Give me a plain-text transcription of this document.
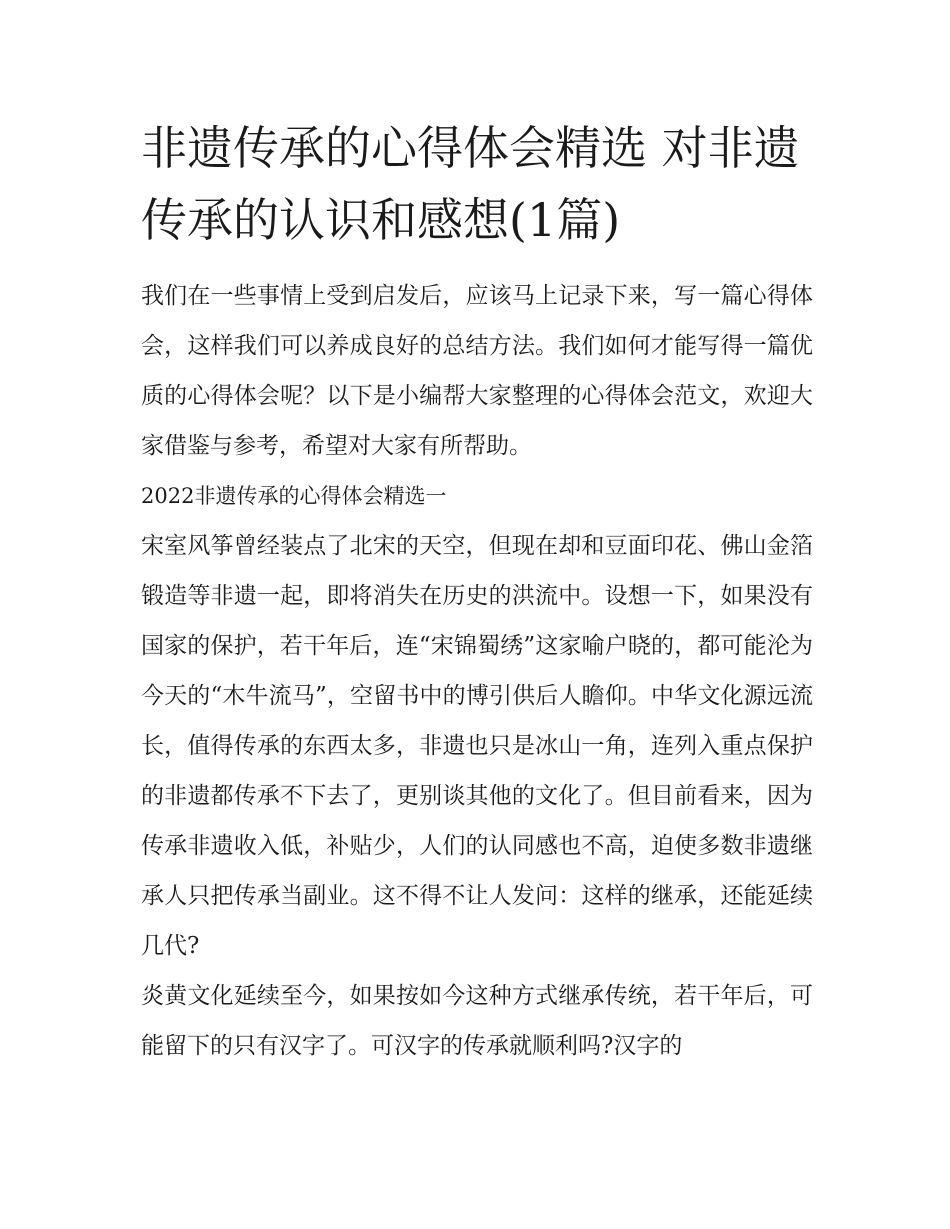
非遗传承的心得体会精选 对非遗传承的认识和感想(1篇)

我们在一些事情上受到启发后，应该马上记录下来，写一篇心得体会，这样我们可以养成良好的总结方法。我们如何才能写得一篇优质的心得体会呢？以下是小编帮大家整理的心得体会范文，欢迎大家借鉴与参考，希望对大家有所帮助。

2022非遗传承的心得体会精选一

宋室风筝曾经装点了北宋的天空，但现在却和豆面印花、佛山金箔锻造等非遗一起，即将消失在历史的洪流中。设想一下，如果没有国家的保护，若干年后，连“宋锦蜀绣”这家喻户晓的，都可能沦为今天的“木牛流马”，空留书中的博引供后人瞻仰。中华文化源远流长，值得传承的东西太多，非遗也只是冰山一角，连列入重点保护的非遗都传承不下去了，更别谈其他的文化了。但目前看来，因为传承非遗收入低，补贴少，人们的认同感也不高，迫使多数非遗继承人只把传承当副业。这不得不让人发问：这样的继承，还能延续几代?

炎黄文化延续至今，如果按如今这种方式继承传统，若干年后，可能留下的只有汉字了。可汉字的传承就顺利吗?汉字的
